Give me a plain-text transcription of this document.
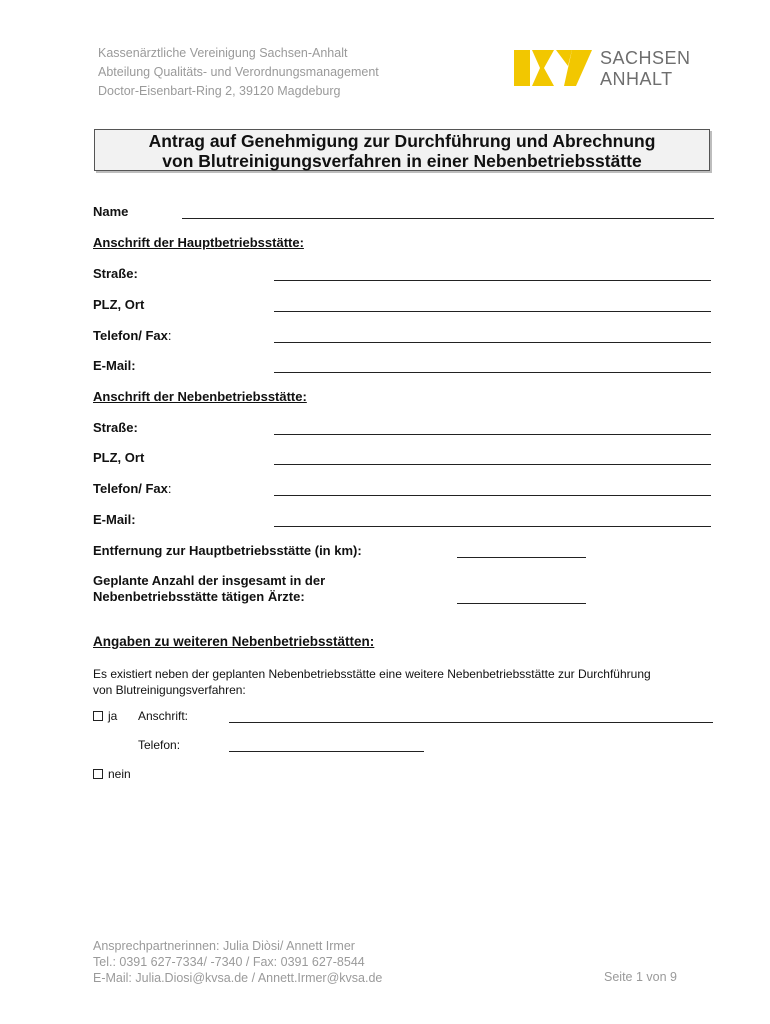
Kassenärztliche Vereinigung Sachsen-Anhalt
Abteilung Qualitäts- und Verordnungsmanagement
Doctor-Eisenbart-Ring 2, 39120 Magdeburg
SACHSEN
ANHALT
Antrag auf Genehmigung zur Durchführung und Abrechnung
von Blutreinigungsverfahren in einer Nebenbetriebsstätte
Name
Anschrift der Hauptbetriebsstätte:
Straße:
PLZ, Ort
Telefon/ Fax:
E-Mail:
Anschrift der Nebenbetriebsstätte:
Straße:
PLZ, Ort
Telefon/ Fax:
E-Mail:
Entfernung zur Hauptbetriebsstätte (in km):
Geplante Anzahl der insgesamt in der
Nebenbetriebsstätte tätigen Ärzte:
Angaben zu weiteren Nebenbetriebsstätten:
Es existiert neben der geplanten Nebenbetriebsstätte eine weitere Nebenbetriebsstätte zur Durchführung
von Blutreinigungsverfahren:
ja Anschrift:
Telefon:
nein
Ansprechpartnerinnen: Julia Diòsi/ Annett Irmer
Tel.: 0391 627-7334/ -7340 / Fax: 0391 627-8544
E-Mail: Julia.Diosi@kvsa.de / Annett.Irmer@kvsa.de	Seite 1 von 9
